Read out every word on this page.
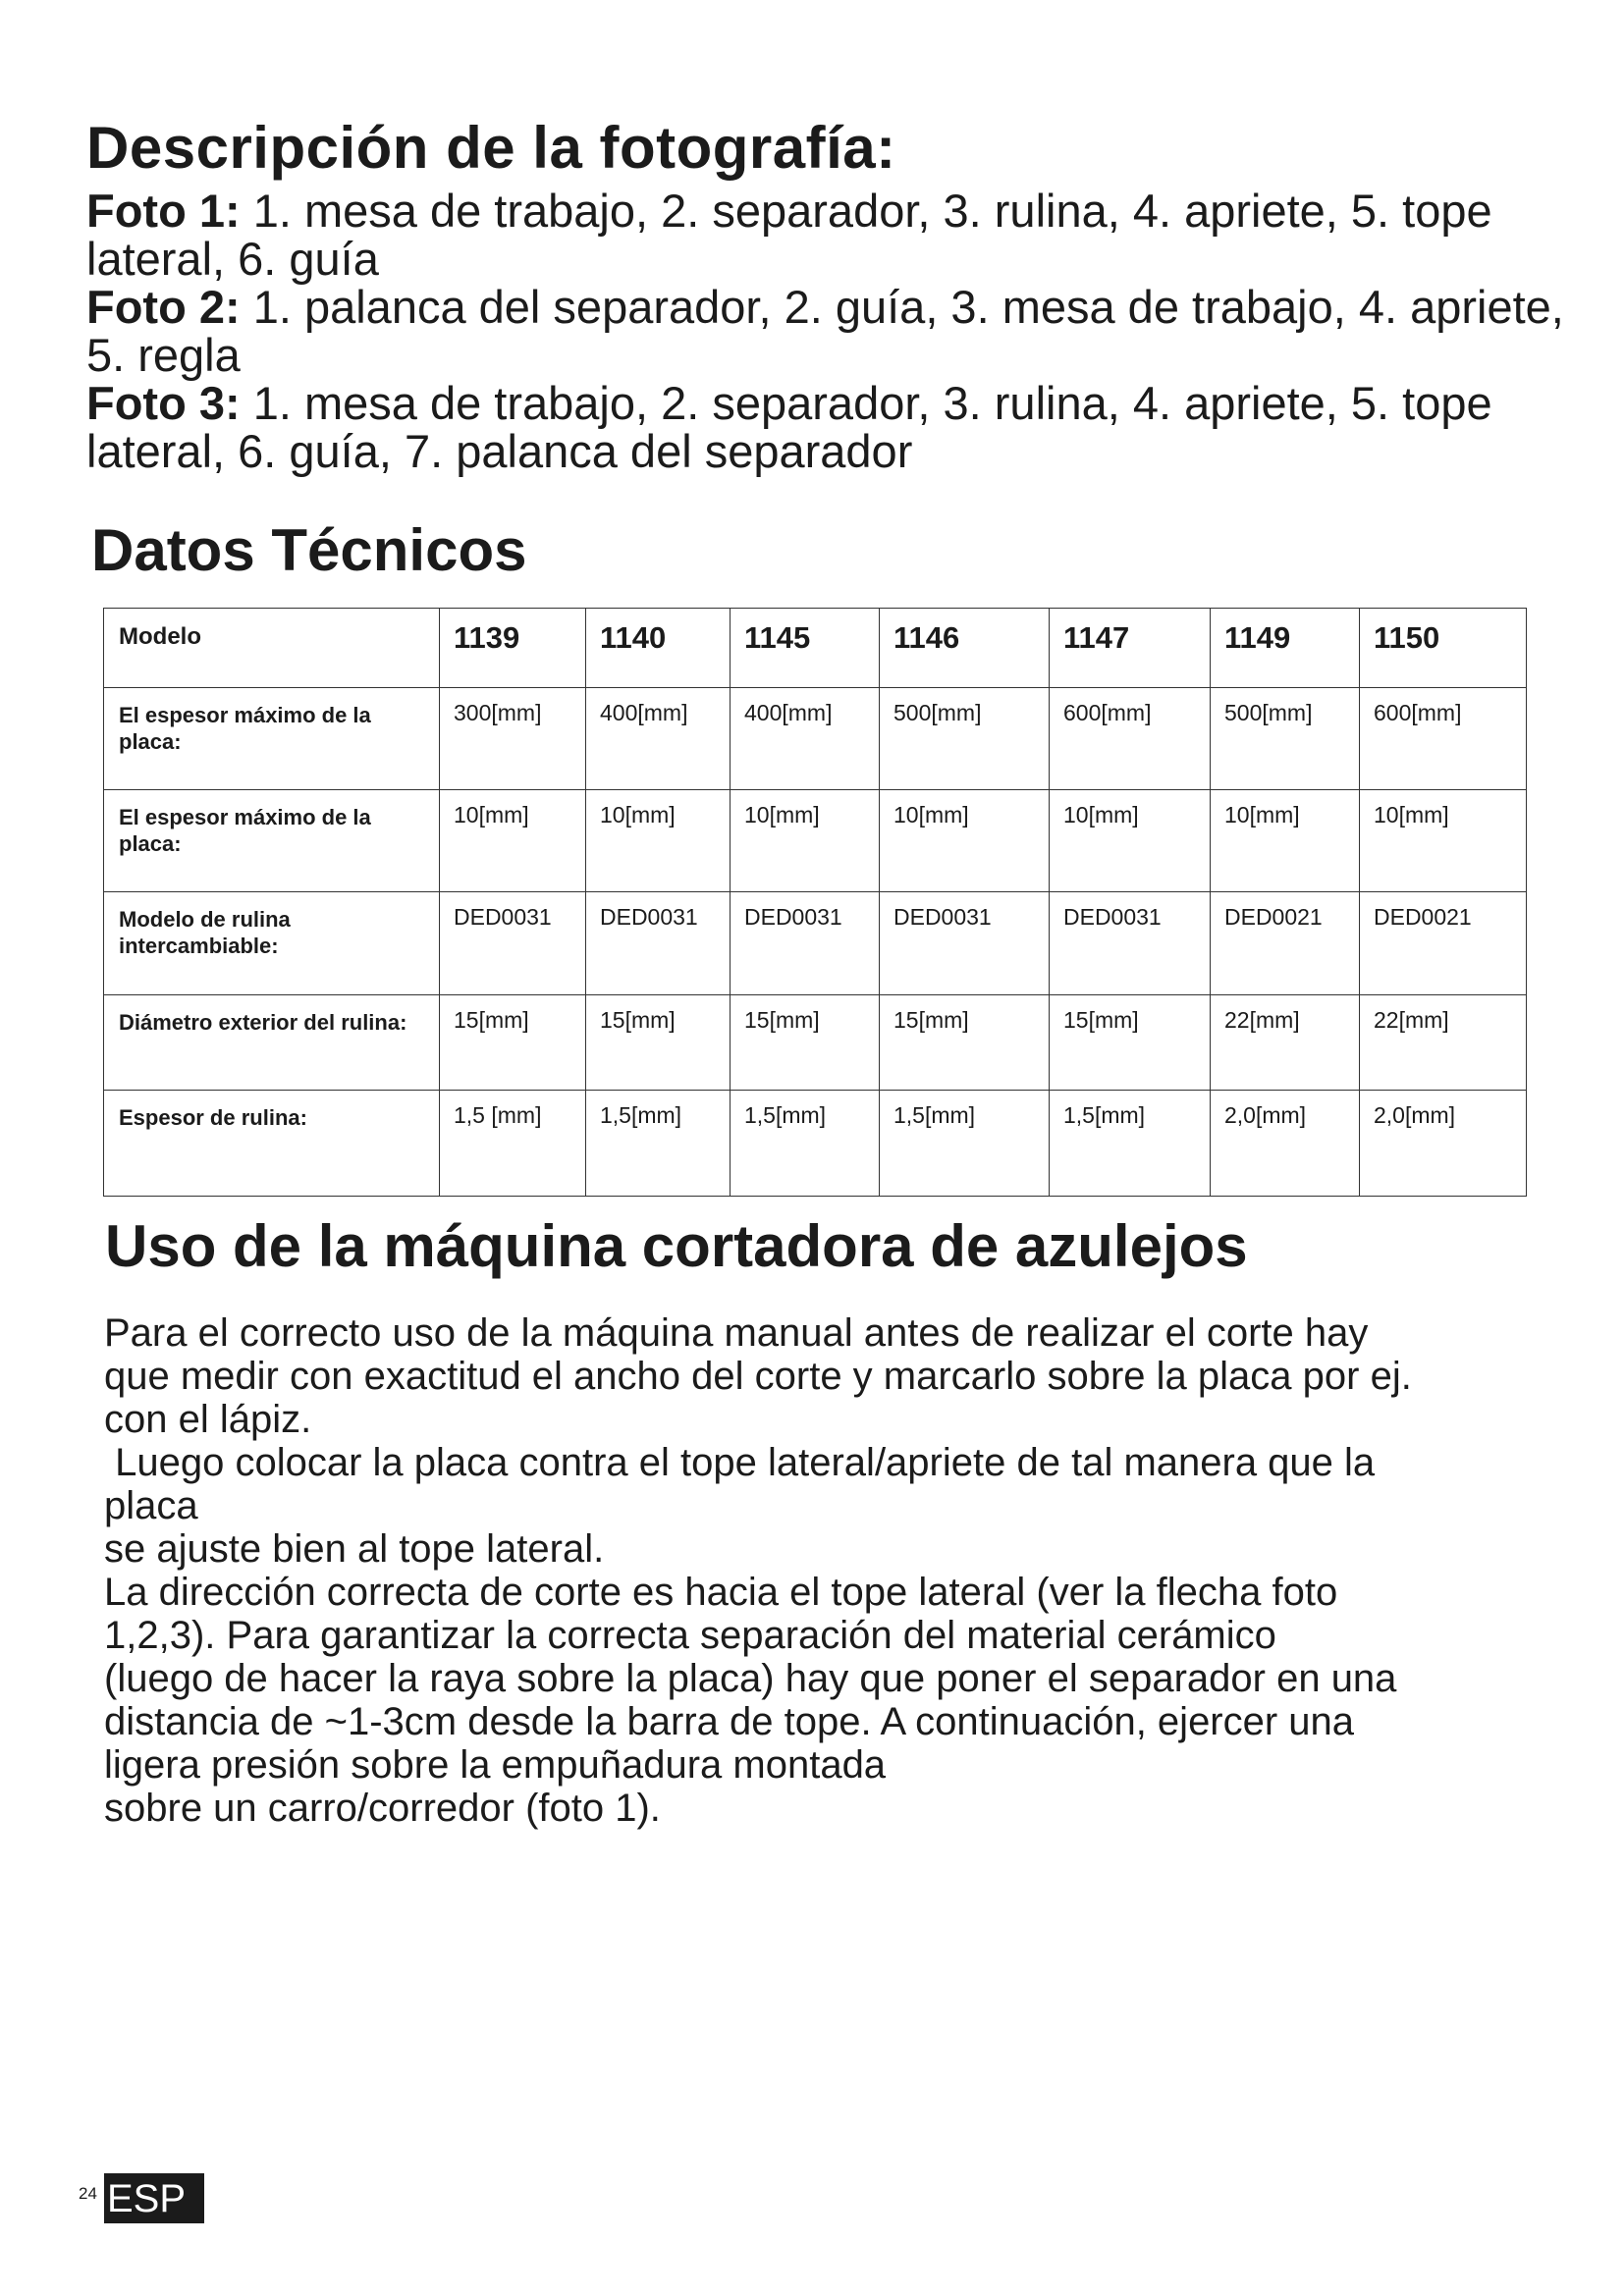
Descripción de la fotografía:

Foto 1: 1. mesa de trabajo, 2. separador, 3. rulina, 4. apriete, 5. tope

lateral, 6. guía

Foto 2: 1. palanca del separador, 2. guía, 3. mesa de trabajo, 4. apriete,

5. regla

Foto 3: 1. mesa de trabajo, 2. separador, 3. rulina, 4. apriete, 5. tope

lateral, 6. guía, 7. palanca del separador

Datos Técnicos
Modelo	1139	1140	1145	1146	1147	1149	1150
El espesor máximo de la placa:	300[mm]	400[mm]	400[mm]	500[mm]	600[mm]	500[mm]	600[mm]
El espesor máximo de la placa:	10[mm]	10[mm]	10[mm]	10[mm]	10[mm]	10[mm]	10[mm]
Modelo de rulina intercambiable:	DED0031	DED0031	DED0031	DED0031	DED0031	DED0021	DED0021
Diámetro exterior del rulina:	15[mm]	15[mm]	15[mm]	15[mm]	15[mm]	22[mm]	22[mm]
Espesor de rulina:	1,5 [mm]	1,5[mm]	1,5[mm]	1,5[mm]	1,5[mm]	2,0[mm]	2,0[mm]
Uso de la máquina cortadora de azulejos

Para el correcto uso de la máquina manual antes de realizar el corte hay

que medir con exactitud el ancho del corte y marcarlo sobre la placa por ej.

con el lápiz.

Luego colocar la placa contra el tope lateral/apriete de tal manera que la

placa

se ajuste bien al tope lateral.

La dirección correcta de corte es hacia el tope lateral (ver la flecha foto

1,2,3). Para garantizar la correcta separación del material cerámico

(luego de hacer la raya sobre la placa) hay que poner el separador en una

distancia de ~1-3cm desde la barra de tope. A continuación, ejercer una

ligera presión sobre la empuñadura montada

sobre un carro/corredor (foto 1).

24 ESP
